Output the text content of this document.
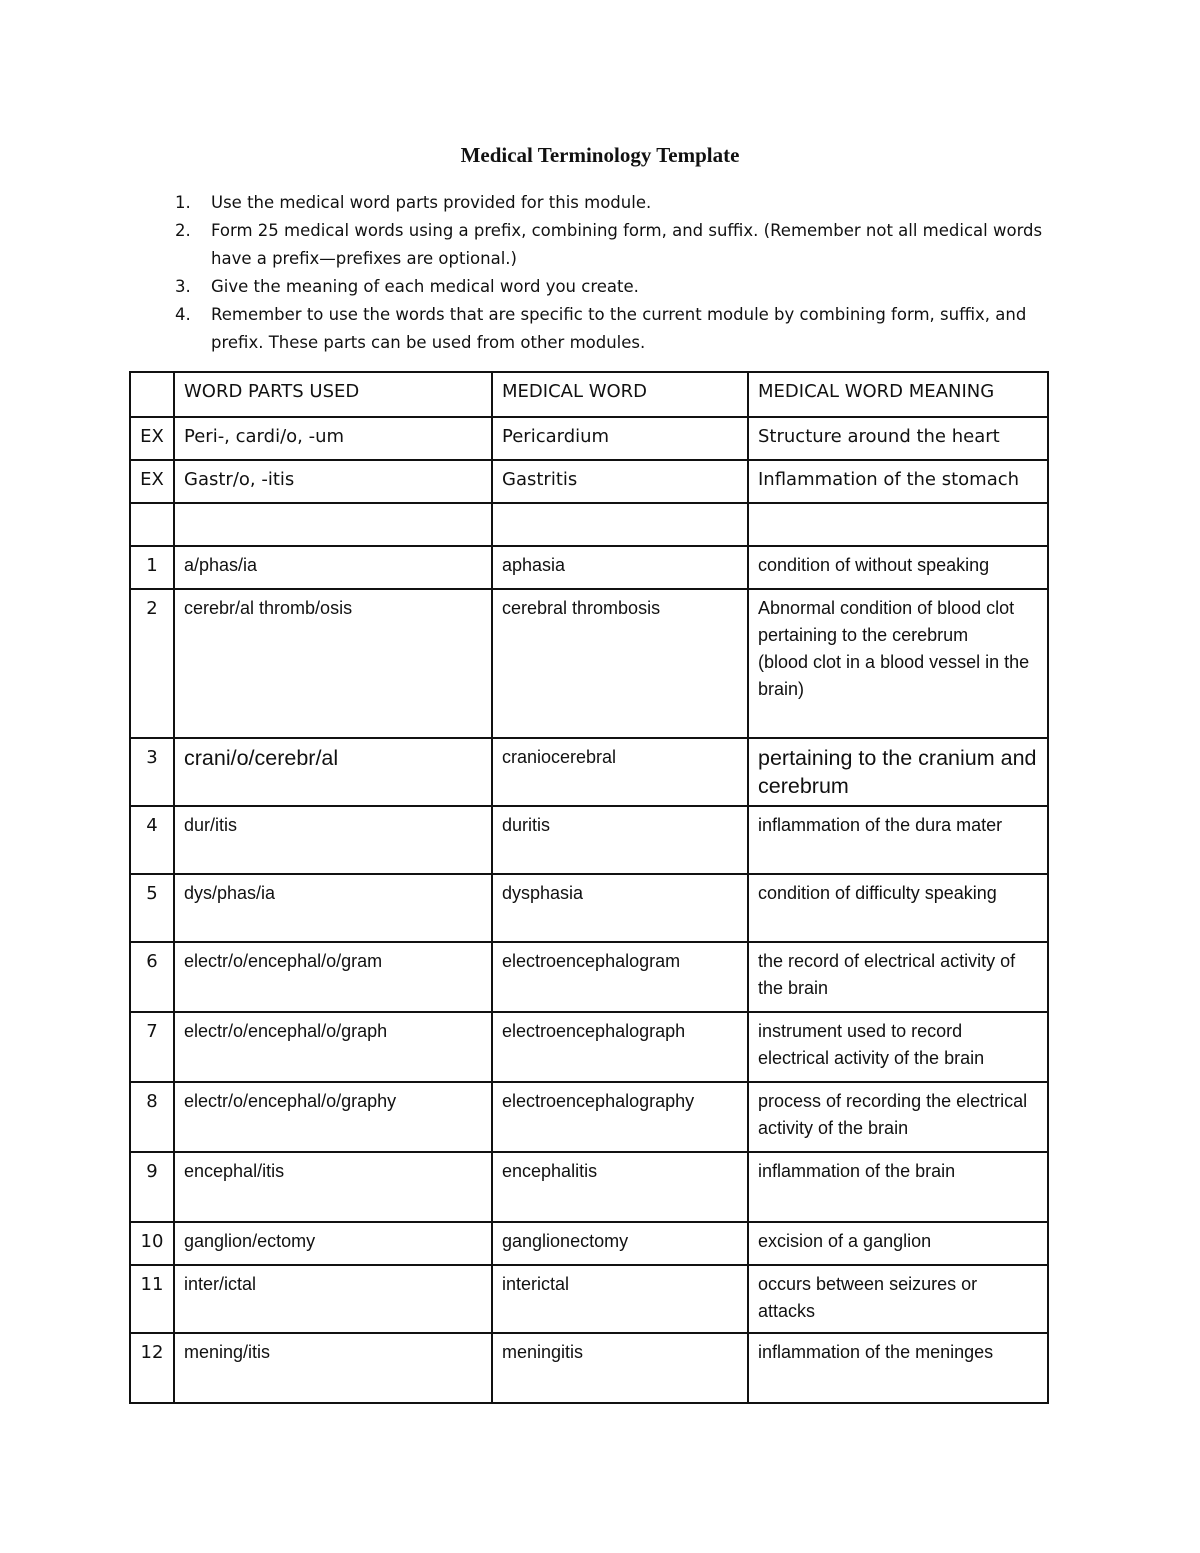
Medical Terminology Template
1. Use the medical word parts provided for this module.
2. Form 25 medical words using a prefix, combining form, and suffix. (Remember not all medical words have a prefix—prefixes are optional.)
3. Give the meaning of each medical word you create.
4. Remember to use the words that are specific to the current module by combining form, suffix, and prefix. These parts can be used from other modules.
	WORD PARTS USED	MEDICAL WORD	MEDICAL WORD MEANING
EX	Peri-, cardi/o, -um	Pericardium	Structure around the heart
EX	Gastr/o, -itis	Gastritis	Inflammation of the stomach

1	a/phas/ia	aphasia	condition of without speaking
2	cerebr/al thromb/osis	cerebral thrombosis	Abnormal condition of blood clot pertaining to the cerebrum
(blood clot in a blood vessel in the brain)

3	crani/o/cerebr/al	craniocerebral	pertaining to the cranium and cerebrum
4	dur/itis	duritis	inflammation of the dura mater
5	dys/phas/ia	dysphasia	condition of difficulty speaking
6	electr/o/encephal/o/gram	electroencephalogram	the record of electrical activity of the brain
7	electr/o/encephal/o/graph	electroencephalograph	instrument used to record electrical activity of the brain
8	electr/o/encephal/o/graphy	electroencephalography	process of recording the electrical activity of the brain
9	encephal/itis	encephalitis	inflammation of the brain
10	ganglion/ectomy	ganglionectomy	excision of a ganglion
11	inter/ictal	interictal	occurs between seizures or attacks
12	mening/itis	meningitis	inflammation of the meninges
